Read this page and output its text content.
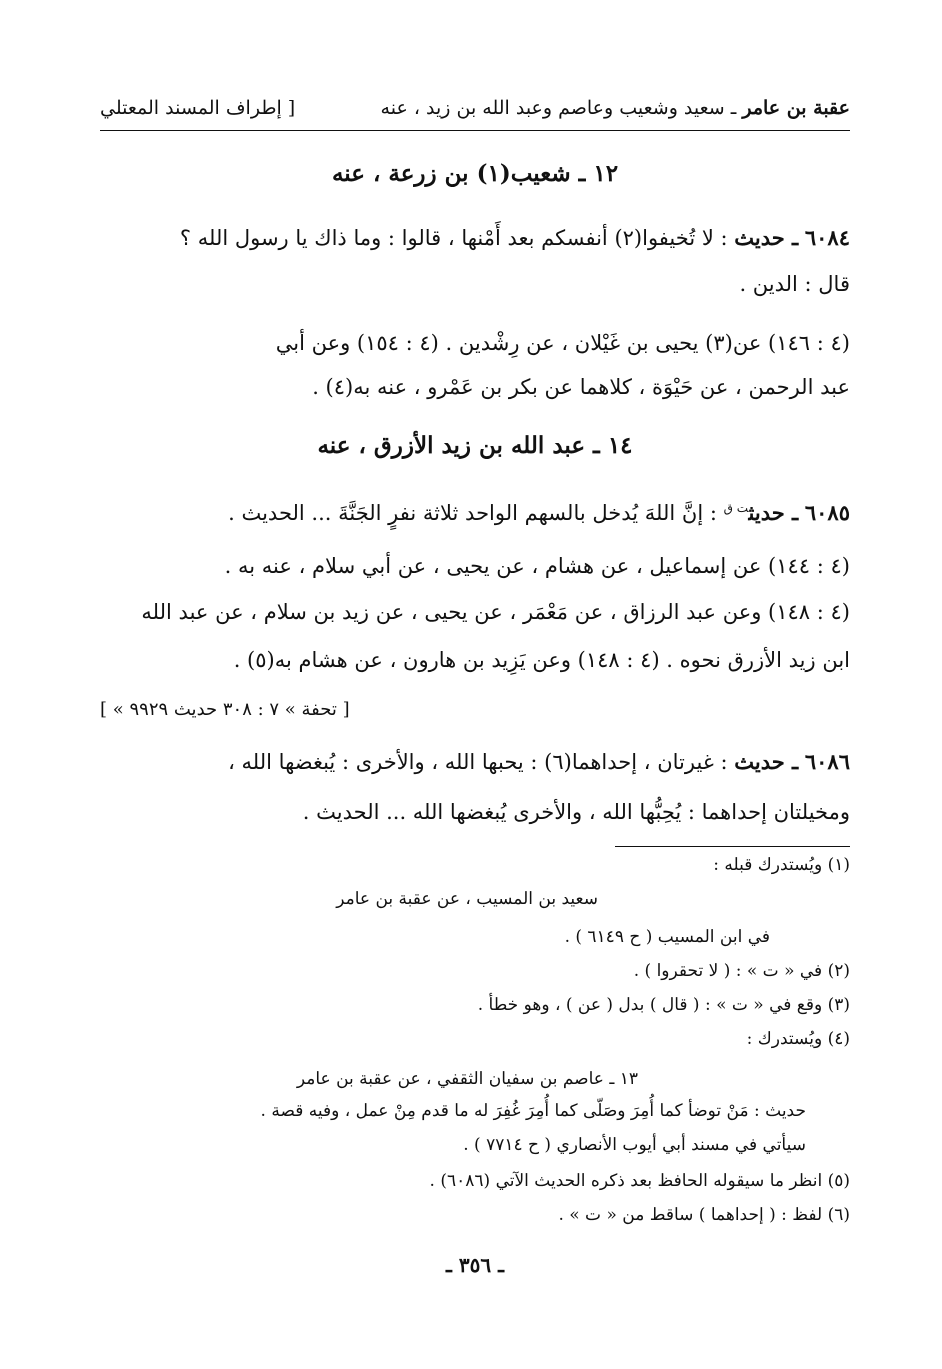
عقبة بن عامر ـ سعيد وشعيب وعاصم وعبد الله بن زيد ، عنه
[ إطراف المسند المعتلي
١٢ ـ شعيب(١) بن زرعة ، عنه
٦٠٨٤ ـ حديث : لا تُخيفوا(٢) أنفسكم بعد أَمْنها ، قالوا : وما ذاك يا رسول الله ؟
قال : الدين .
(٤ : ١٤٦) عن(٣) يحيى بن غَيْلان ، عن رِشْدين . (٤ : ١٥٤) وعن أبي
عبد الرحمن ، عن حَيْوَة ، كلاهما عن بكر بن عَمْرو ، عنه به(٤) .
١٤ ـ عبد الله بن زيد الأزرق ، عنه
٦٠٨٥ ـ حديث$^{ت ق}$ : إنَّ اللهَ يُدخل بالسهم الواحد ثلاثة نفرٍ الجَنَّةَ ... الحديث .
(٤ : ١٤٤) عن إسماعيل ، عن هشام ، عن يحيى ، عن أبي سلام ، عنه به .
(٤ : ١٤٨) وعن عبد الرزاق ، عن مَعْمَر ، عن يحيى ، عن زيد بن سلام ، عن عبد الله
ابن زيد الأزرق نحوه . (٤ : ١٤٨) وعن يَزِيد بن هارون ، عن هشام به(٥) .
[ « تحفة » ٧ : ٣٠٨ حديث ٩٩٢٩ ]
٦٠٨٦ ـ حديث : غيرتان ، إحداهما(٦) : يحبها الله ، والأخرى : يُبغضها الله ،
ومخيلتان إحداهما : يُحِبُّها الله ، والأخرى يُبغضها الله ... الحديث .
(١) ويُستدرك قبله :
سعيد بن المسيب ، عن عقبة بن عامر
في ابن المسيب ( ح ٦١٤٩ ) .
(٢) في « ت » : ( لا تحقروا ) .
(٣) وقع في « ت » : ( قال ) بدل ( عن ) ، وهو خطأ .
(٤) ويُستدرك :
١٣ ـ عاصم بن سفيان الثقفي ، عن عقبة بن عامر
حديث : مَنْ توضأ كما أُمِرَ وصَلّى كما أُمِرَ غُفِرَ له ما قدم مِنْ عمل ، وفيه قصة .
سيأتي في مسند أبي أيوب الأنصاري ( ح ٧٧١٤ ) .
(٥) انظر ما سيقوله الحافظ بعد ذكره الحديث الآتي (٦٠٨٦) .
(٦) لفظ : ( إحداهما ) ساقط من « ت » .
ـ ٣٥٦ ـ
